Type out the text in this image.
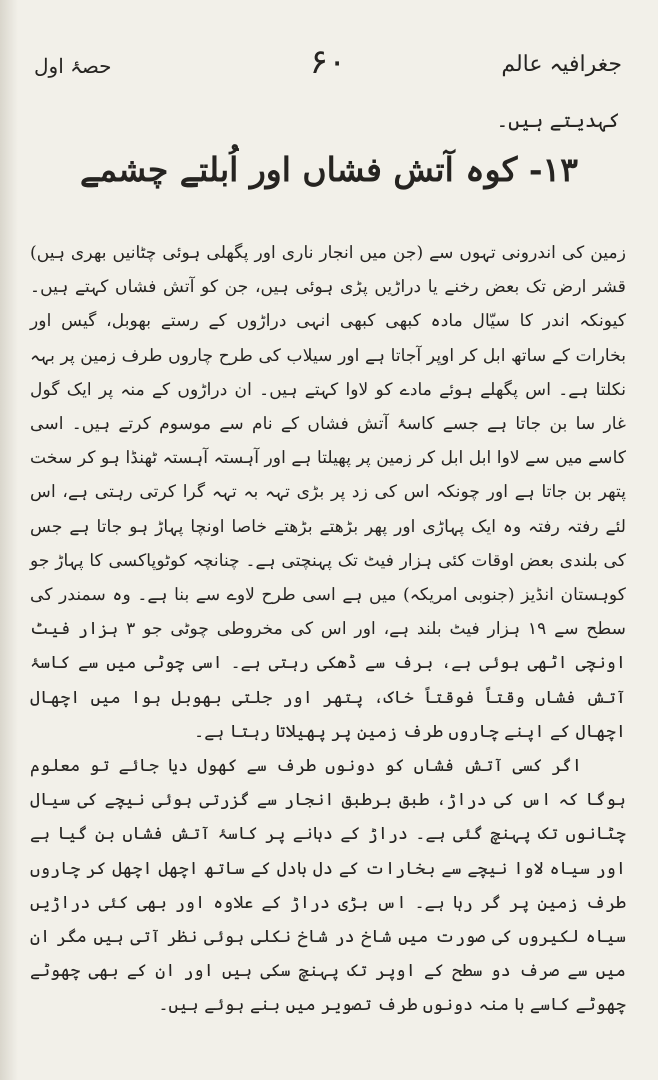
حصۂ اول	۶۰	جغرافیہ عالم
کہدیتے ہیں۔
۱۳- کوہ آتش فشاں اور اُبلتے چشمے

زمین کی اندرونی تہوں سے (جن میں انجار ناری اور پگھلی ہوئی چٹانیں بھری ہیں) قشر ارض تک بعض رخنے یا دراڑیں پڑی ہوئی ہیں، جن کو آتش فشاں کہتے ہیں۔ کیونکہ اندر کا سیّال مادہ کبھی کبھی انہی دراڑوں کے رستے بھوبل، گیس اور بخارات کے ساتھ ابل کر اوپر آجاتا ہے اور سیلاب کی طرح چاروں طرف زمین پر بہہ نکلتا ہے۔ اس پگھلے ہوئے مادے کو لاوا کہتے ہیں۔ ان دراڑوں کے منہ پر ایک گول غار سا بن جاتا ہے جسے کاسۂ آتش فشاں کے نام سے موسوم کرتے ہیں۔ اسی کاسے میں سے لاوا ابل ابل کر زمین پر پھیلتا ہے اور آہستہ آہستہ ٹھنڈا ہو کر سخت پتھر بن جاتا ہے اور چونکہ اس کی زد پر بڑی تہہ بہ تہہ گرا کرتی رہتی ہے، اس لئے رفتہ رفتہ وہ ایک پہاڑی اور پھر بڑھتے بڑھتے خاصا اونچا پہاڑ ہو جاتا ہے جس کی بلندی بعض اوقات کئی ہزار فیٹ تک پہنچتی ہے۔ چنانچہ کوٹوپاکسی کا پہاڑ جو کوہستان انڈیز (جنوبی امریکہ) میں ہے اسی طرح لاوے سے بنا ہے۔ وہ سمندر کی سطح سے ۱۹ ہزار فیٹ بلند ہے، اور اس کی مخروطی چوٹی جو ۳ ہزار فیٹ اونچی اٹھی ہوئی ہے، برف سے ڈھکی رہتی ہے۔ اسی چوٹی میں سے کاسۂ آتش فشاں وقتاً فوقتاً خاک، پتھر اور جلتی بھوبل ہوا میں اچھال اچھال کے اپنے چاروں طرف زمین پر پھیلاتا رہتا ہے۔

اگر کسی آتش فشاں کو دونوں طرف سے کھول دیا جائے تو معلوم ہوگا کہ اس کی دراڑ، طبق برطبق انجار سے گزرتی ہوئی نیچے کی سیال چٹانوں تک پہنچ گئی ہے۔ دراڑ کے دہانے پر کاسۂ آتش فشاں بن گیا ہے اور سیاہ لاوا نیچے سے بخارات کے دل بادل کے ساتھ اچھل اچھل کر چاروں طرف زمین پر گر رہا ہے۔ اس بڑی دراڑ کے علاوہ اور بھی کئی دراڑیں سیاہ لکیروں کی صورت میں شاخ در شاخ نکلی ہوئی نظر آتی ہیں مگر ان میں سے صرف دو سطح کے اوپر تک پہنچ سکی ہیں اور ان کے بھی چھوٹے چھوٹے کاسے با منہ دونوں طرف تصویر میں بنے ہوئے ہیں۔
